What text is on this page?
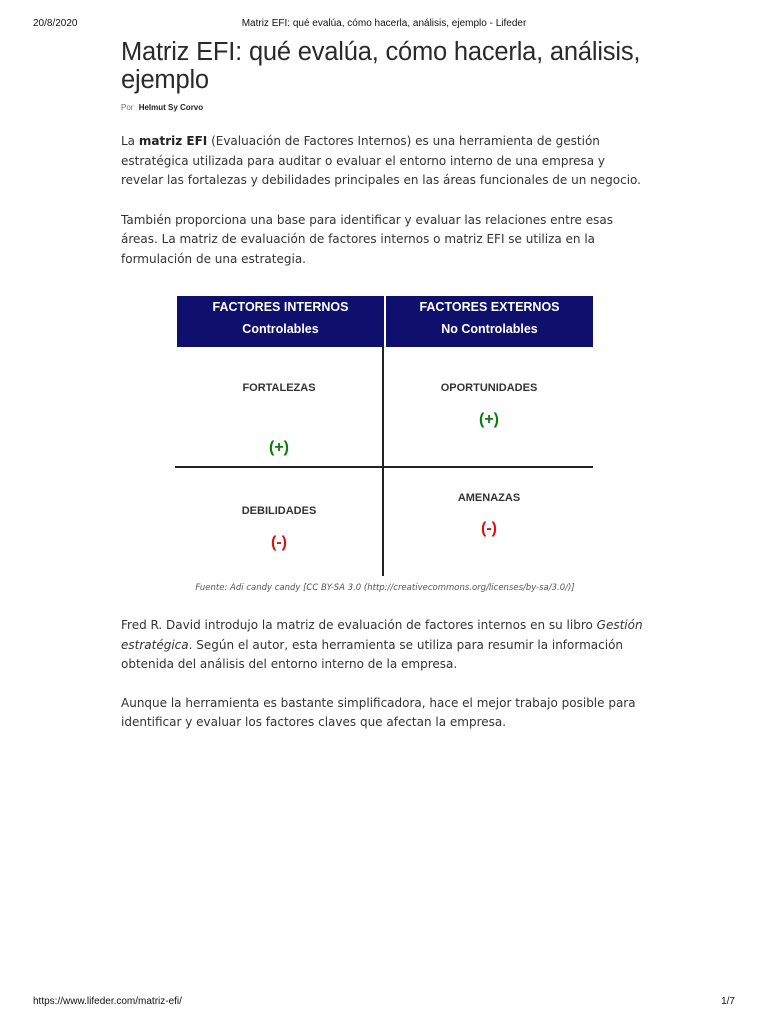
20/8/2020	Matriz EFI: qué evalúa, cómo hacerla, análisis, ejemplo - Lifeder
Matriz EFI: qué evalúa, cómo hacerla, análisis, ejemplo
Por Helmut Sy Corvo

La matriz EFI (Evaluación de Factores Internos) es una herramienta de gestión estratégica utilizada para auditar o evaluar el entorno interno de una empresa y revelar las fortalezas y debilidades principales en las áreas funcionales de un negocio.

También proporciona una base para identificar y evaluar las relaciones entre esas áreas. La matriz de evaluación de factores internos o matriz EFI se utiliza en la formulación de una estrategia.

FACTORES INTERNOS
Controlables
FACTORES EXTERNOS
No Controlables
FORTALEZAS
(+)
OPORTUNIDADES
(+)
DEBILIDADES
(-)
AMENAZAS
(-)
Fuente: Adi candy candy [CC BY-SA 3.0 (http://creativecommons.org/licenses/by-sa/3.0/)]

Fred R. David introdujo la matriz de evaluación de factores internos en su libro Gestión estratégica. Según el autor, esta herramienta se utiliza para resumir la información obtenida del análisis del entorno interno de la empresa.

Aunque la herramienta es bastante simplificadora, hace el mejor trabajo posible para identificar y evaluar los factores claves que afectan la empresa.

https://www.lifeder.com/matriz-efi/	1/7
